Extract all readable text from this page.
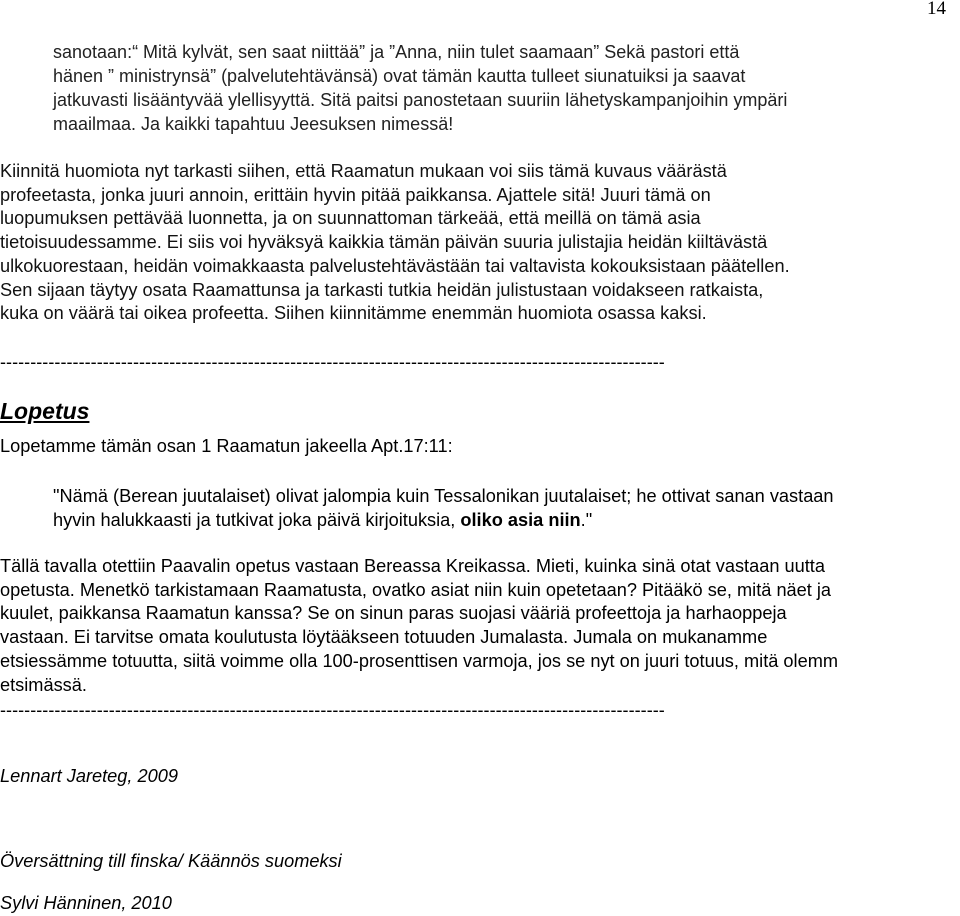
14
sanotaan:“ Mitä kylvät, sen saat niittää” ja ”Anna, niin tulet saamaan” Sekä pastori että
hänen ” ministrynsä” (palvelutehtävänsä) ovat tämän kautta tulleet siunatuiksi ja saavat
jatkuvasti lisääntyvää ylellisyyttä. Sitä paitsi panostetaan suuriin lähetyskampanjoihin ympäri
maailmaa. Ja kaikki tapahtuu Jeesuksen nimessä!
Kiinnitä huomiota nyt tarkasti siihen, että Raamatun mukaan voi siis tämä kuvaus väärästä
profeetasta, jonka juuri annoin, erittäin hyvin pitää paikkansa. Ajattele sitä! Juuri tämä on
luopumuksen pettävää luonnetta, ja on suunnattoman tärkeää, että meillä on tämä asia
tietoisuudessamme. Ei siis voi hyväksyä kaikkia tämän päivän suuria julistajia heidän kiiltävästä
ulkokuorestaan, heidän voimakkaasta palvelustehtävästään tai valtavista kokouksistaan päätellen.
Sen sijaan täytyy osata Raamattunsa ja tarkasti tutkia heidän julistustaan voidakseen ratkaista,
kuka on väärä tai oikea profeetta. Siihen kiinnitämme enemmän huomiota osassa kaksi.
--------------------------------------------------------------------------------------------------------------
Lopetus
Lopetamme tämän osan 1 Raamatun jakeella Apt.17:11:
"Nämä (Berean juutalaiset) olivat jalompia kuin Tessalonikan juutalaiset; he ottivat sanan vastaan
hyvin halukkaasti ja tutkivat joka päivä kirjoituksia, oliko asia niin."
Tällä tavalla otettiin Paavalin opetus vastaan Bereassa Kreikassa. Mieti, kuinka sinä otat vastaan uutta
opetusta. Menetkö tarkistamaan Raamatusta, ovatko asiat niin kuin opetetaan? Pitääkö se, mitä näet ja
kuulet, paikkansa Raamatun kanssa? Se on sinun paras suojasi vääriä profeettoja ja harhaoppeja
vastaan. Ei tarvitse omata koulutusta löytääkseen totuuden Jumalasta. Jumala on mukanamme
etsiessämme totuutta, siitä voimme olla 100-prosenttisen varmoja, jos se nyt on juuri totuus, mitä olemm
etsimässä.
--------------------------------------------------------------------------------------------------------------
Lennart Jareteg, 2009
Översättning till finska/ Käännös suomeksi
Sylvi Hänninen, 2010
